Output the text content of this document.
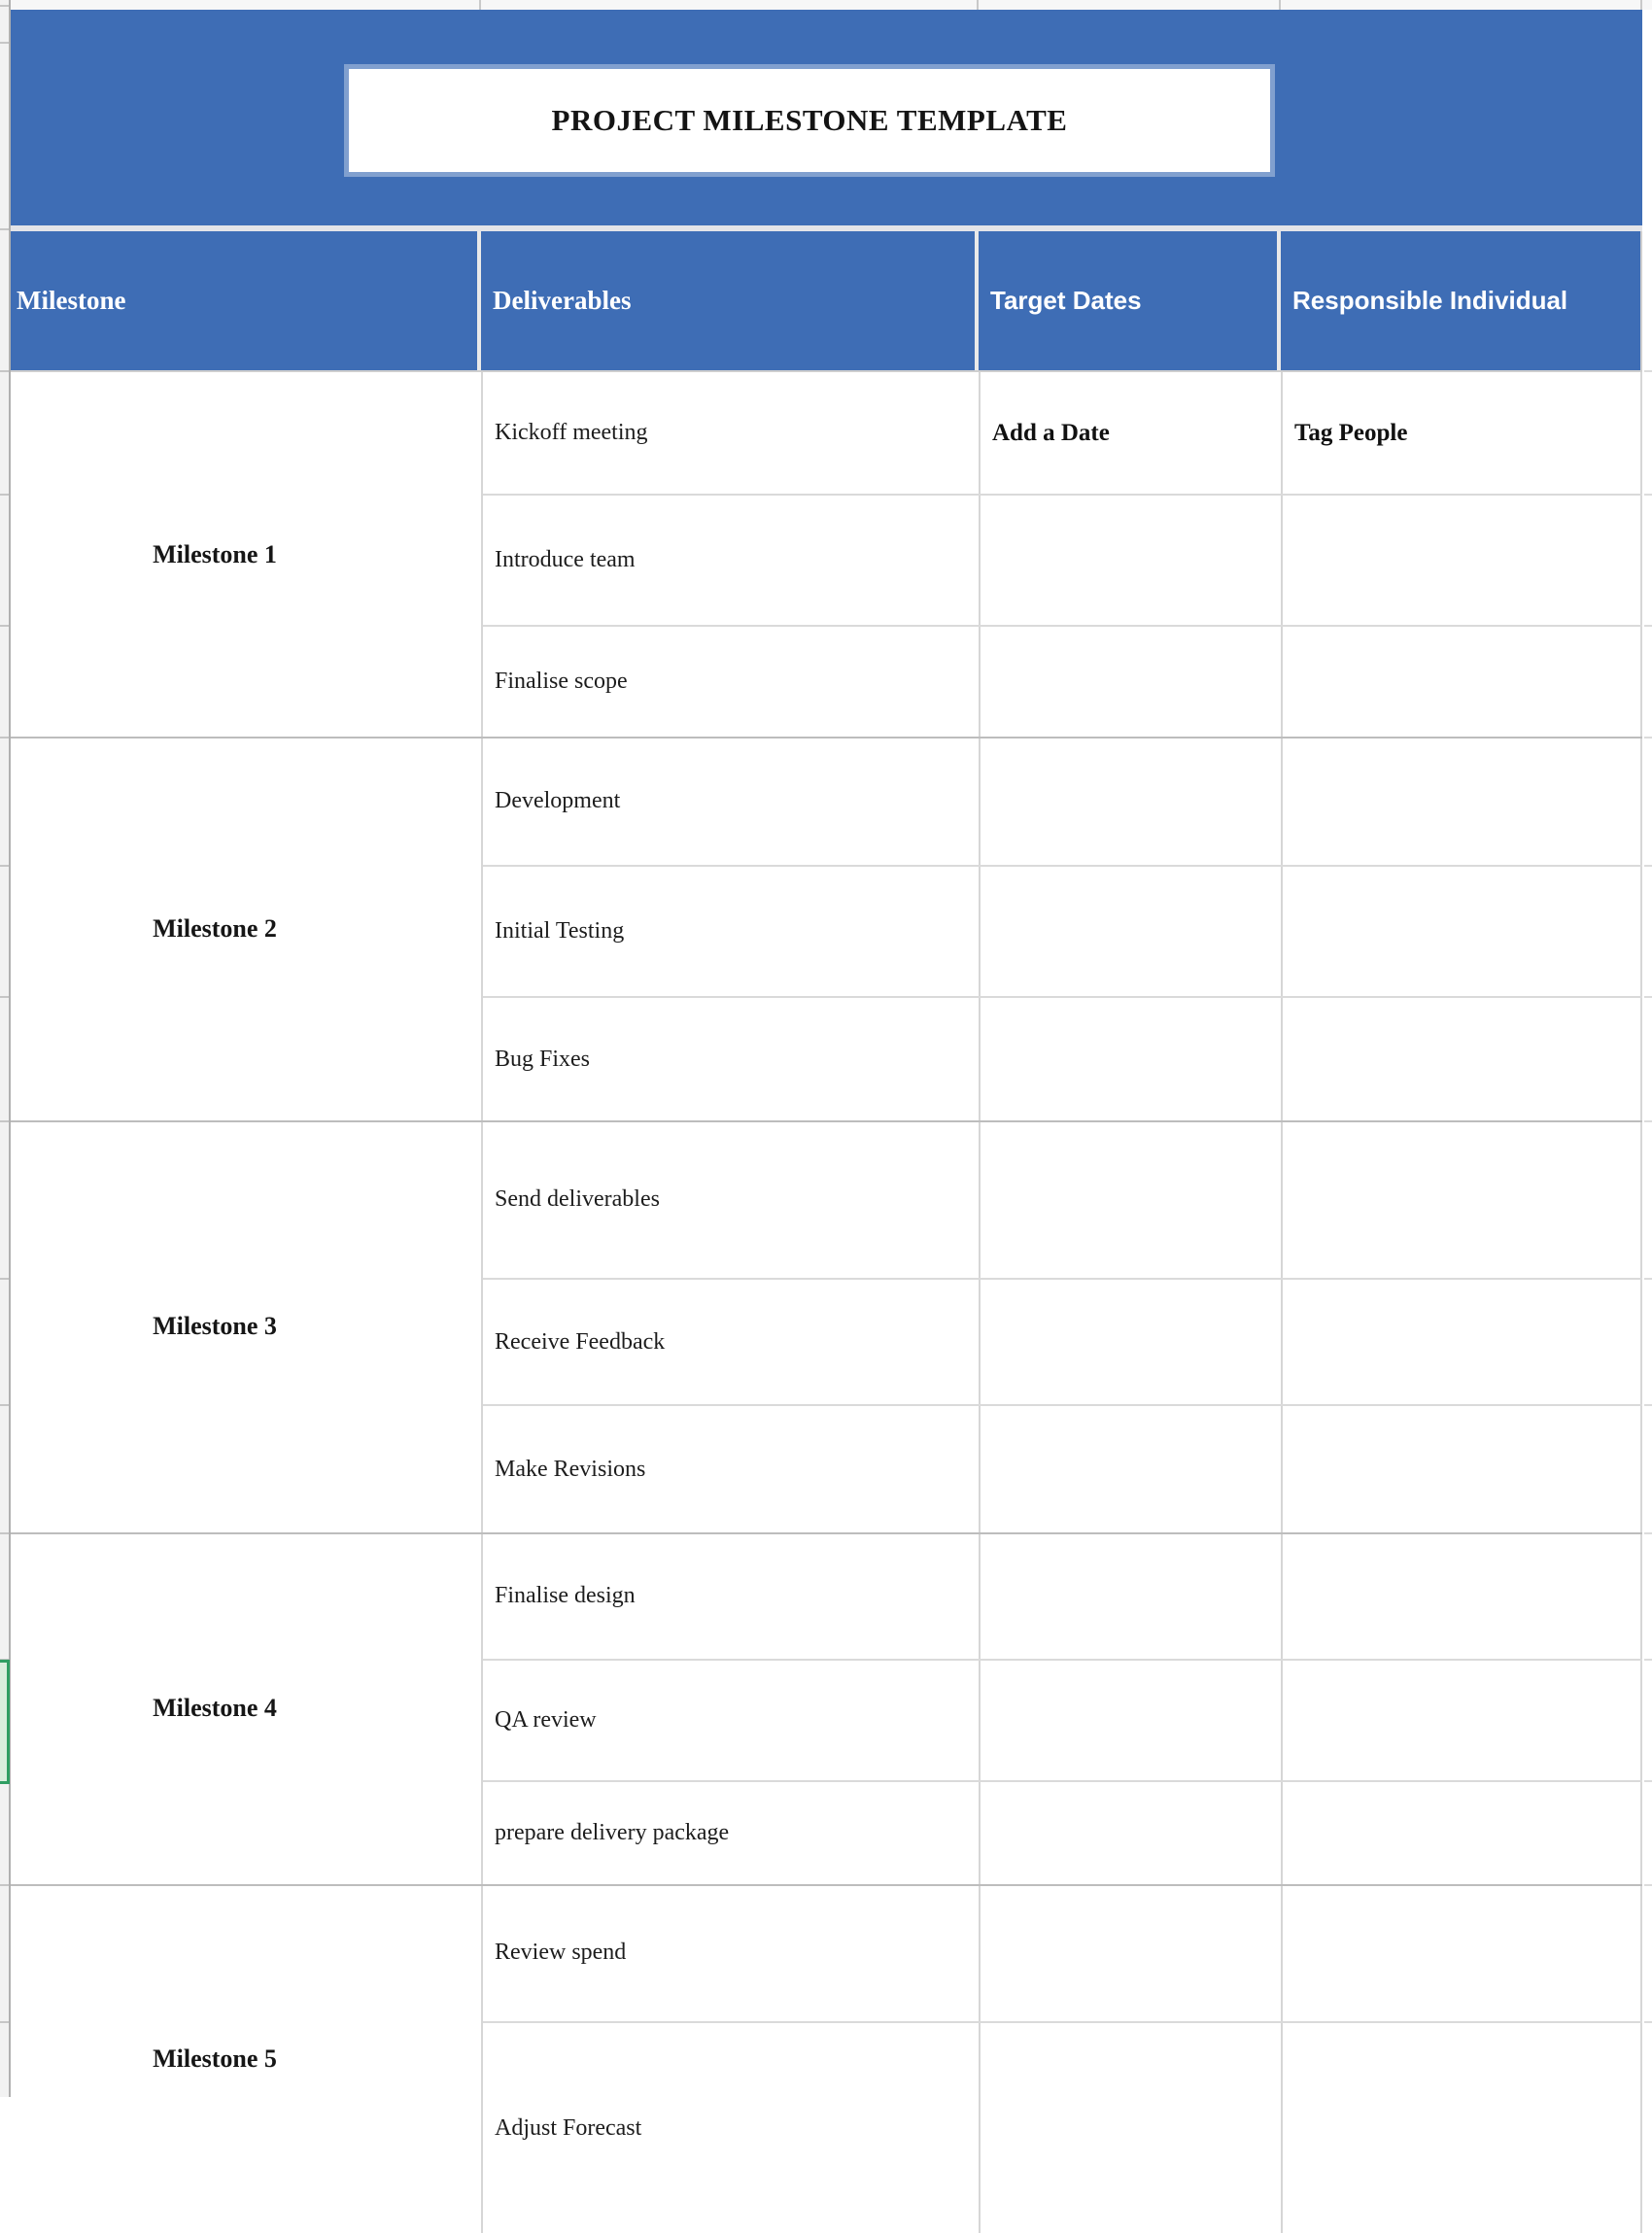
PROJECT MILESTONE TEMPLATE
Milestone	Deliverables	Target Dates	Responsible Individual
Milestone 1
Kickoff meeting	Add a Date	Tag People
Introduce team
Finalise scope
Milestone 2
Development
Initial Testing
Bug Fixes
Milestone 3
Send deliverables
Receive Feedback
Make Revisions
Milestone 4
Finalise design
QA review
prepare delivery package
Milestone 5
Review spend
Adjust Forecast
